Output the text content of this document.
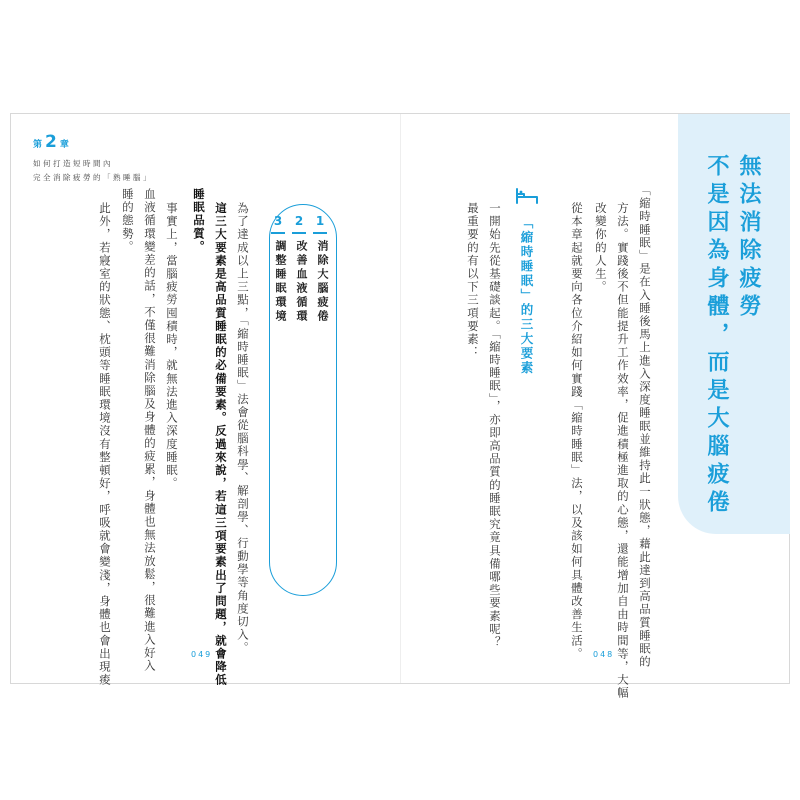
第 2 章
如何打造短時間內
完全消除疲勞的「熟睡腦」	無法消除疲勞
不是因為身體，而是大腦疲倦
「縮時睡眠」是在入睡後馬上進入深度睡眠並維持此一狀態，藉此達到高品質睡眠的
方法。實踐後不但能提升工作效率，促進積極進取的心態，還能增加自由時間等，大幅
改變你的人生。
從本章起就要向各位介紹如何實踐「縮時睡眠」法，以及該如何具體改善生活。
「縮時睡眠」的三大要素
一開始先從基礎談起。「縮時睡眠」，亦即高品質的睡眠究竟具備哪些要素呢？
最重要的有以下三項要素：
1
消除大腦疲倦
2
改善血液循環
3
調整睡眠環境
為了達成以上三點，「縮時睡眠」法會從腦科學、解剖學、行動學等角度切入。
這三大要素是高品質睡眠的必備要素。反過來說，若這三項要素出了問題，就會降低
睡眠品質。
事實上，當腦疲勞囤積時，就無法進入深度睡眠。
血液循環變差的話，不僅很難消除腦及身體的疲累，身體也無法放鬆，很難進入好入
睡的態勢。
此外，若寢室的狀態、枕頭等睡眠環境沒有整頓好，呼吸就會變淺，身體也會出現痠	049	048
